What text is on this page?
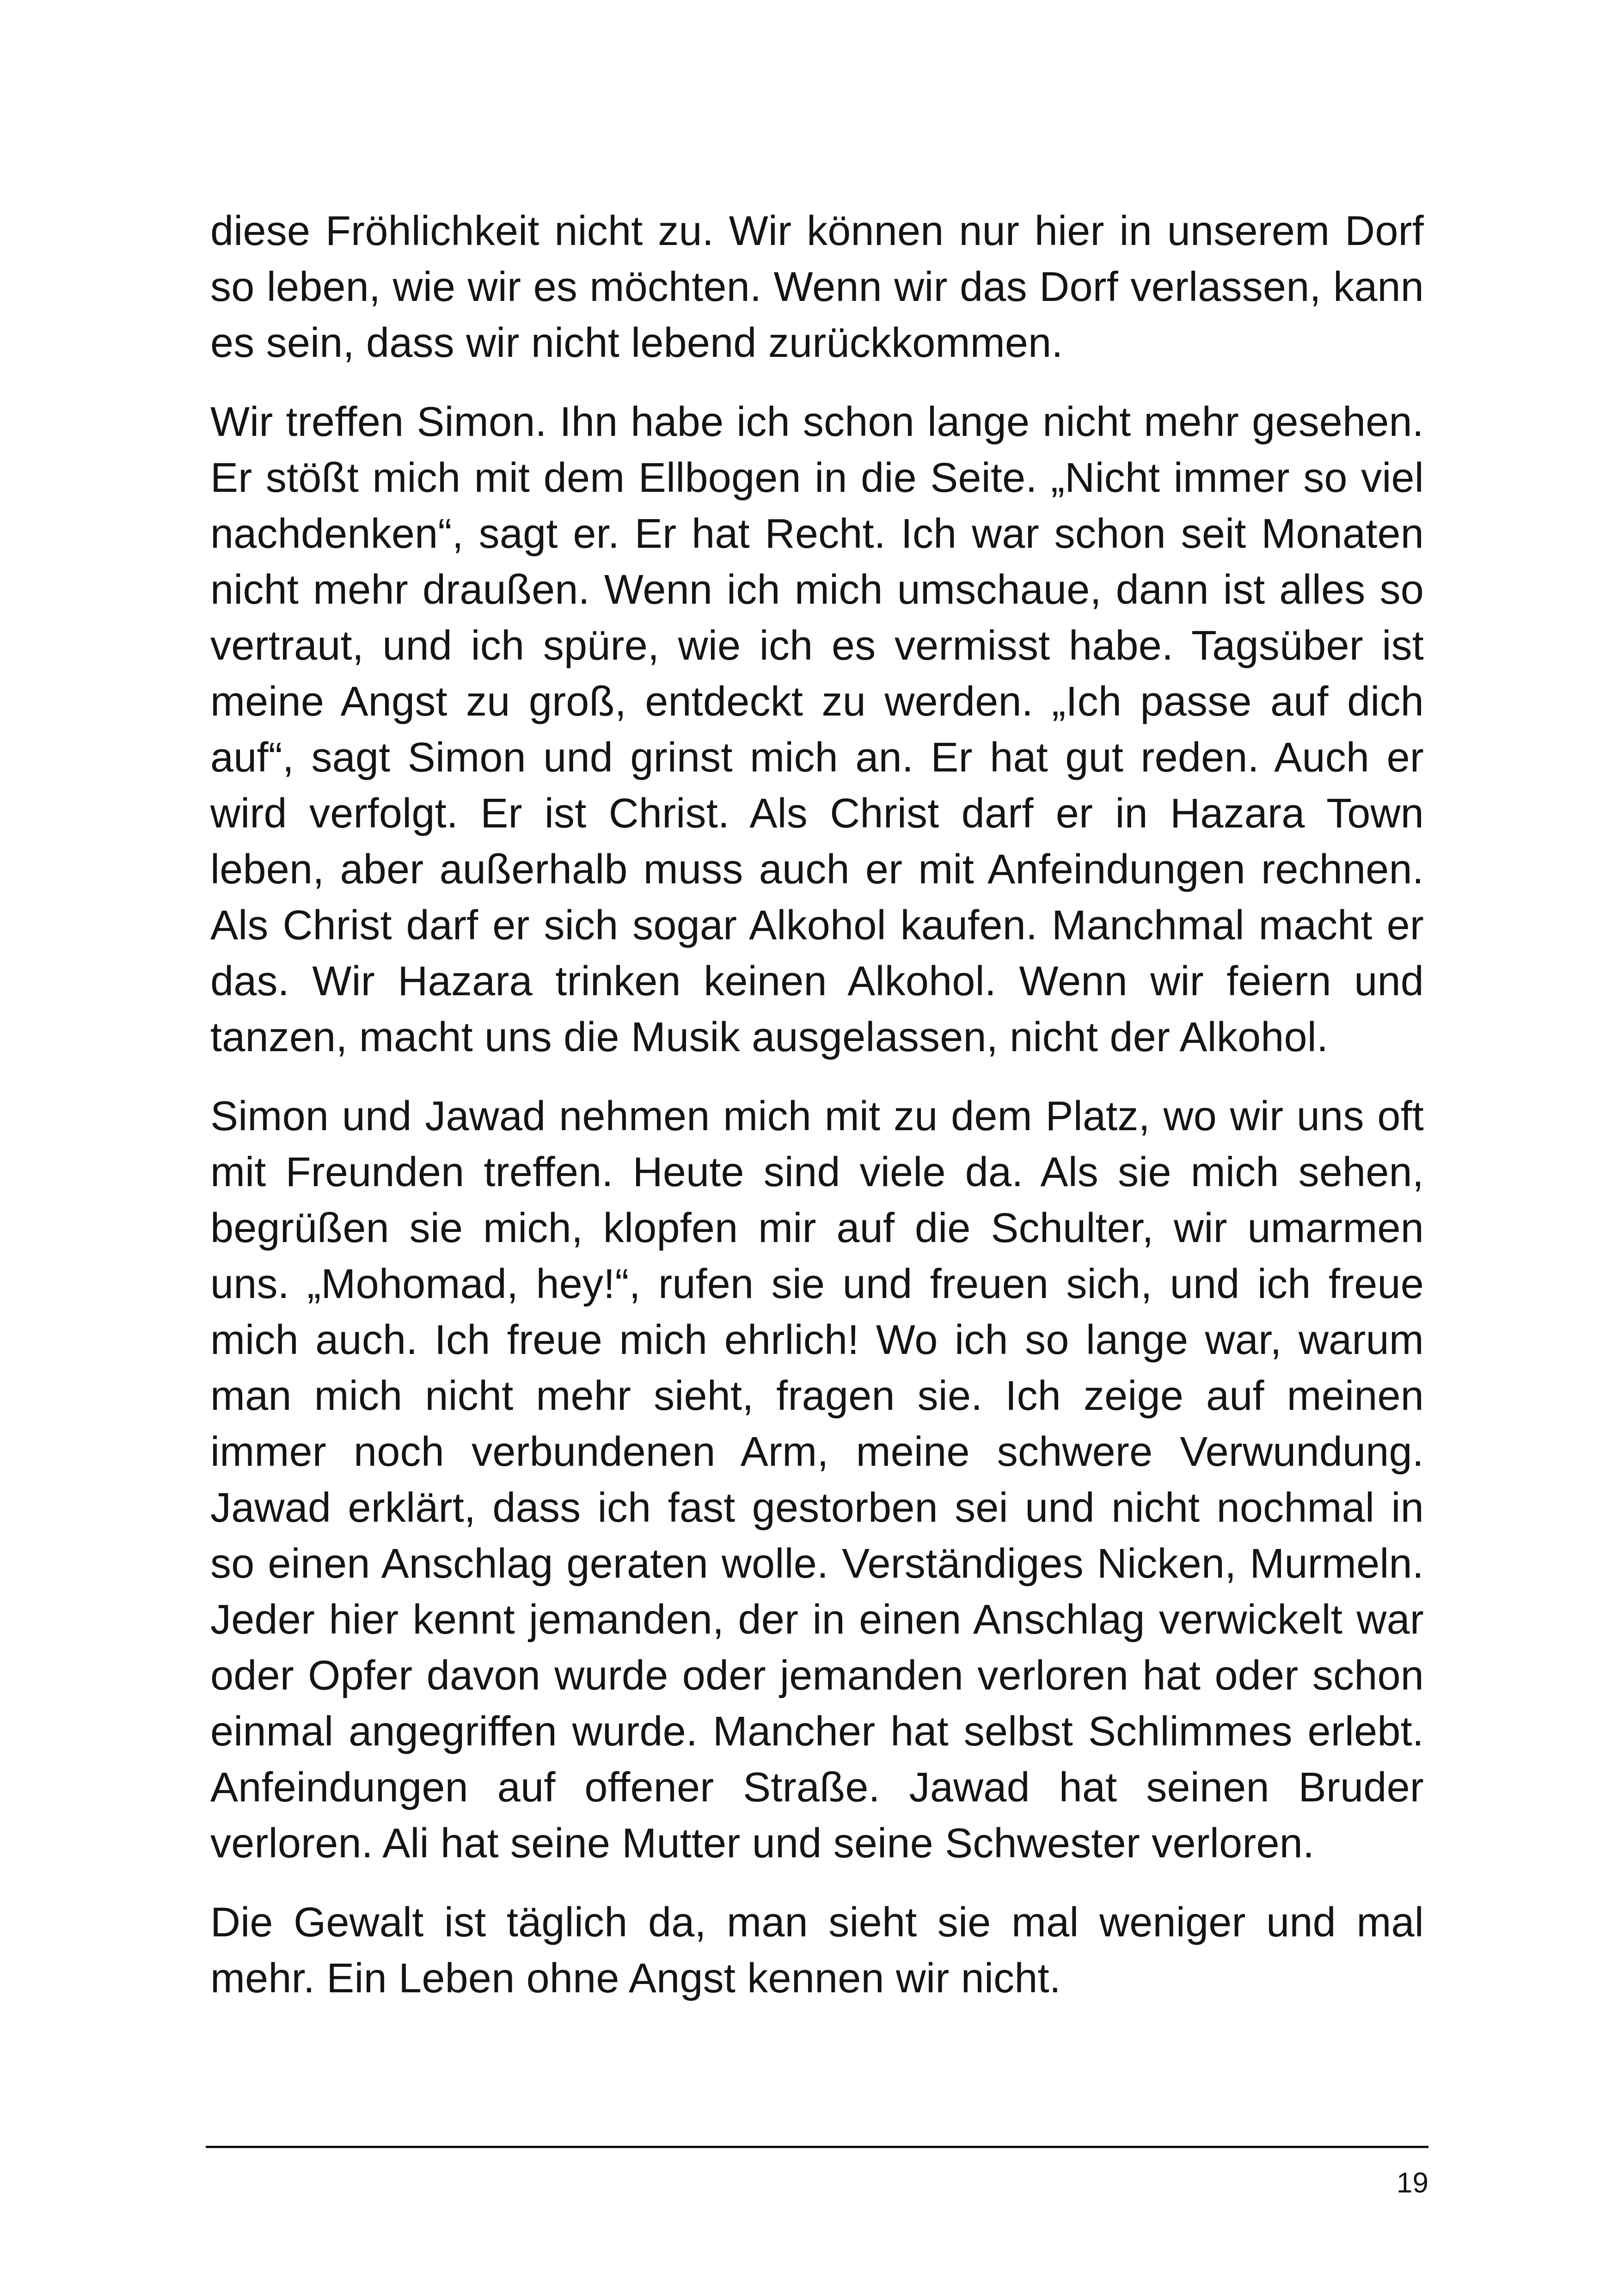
diese Fröhlichkeit nicht zu. Wir können nur hier in unserem Dorf so leben, wie wir es möchten. Wenn wir das Dorf verlassen, kann es sein, dass wir nicht lebend zurückkommen.

Wir treffen Simon. Ihn habe ich schon lange nicht mehr gesehen. Er stößt mich mit dem Ellbogen in die Seite. „Nicht immer so viel nachdenken“, sagt er. Er hat Recht. Ich war schon seit Monaten nicht mehr draußen. Wenn ich mich umschaue, dann ist alles so vertraut, und ich spüre, wie ich es vermisst habe. Tagsüber ist meine Angst zu groß, entdeckt zu werden. „Ich passe auf dich auf“, sagt Simon und grinst mich an. Er hat gut reden. Auch er wird verfolgt. Er ist Christ. Als Christ darf er in Hazara Town leben, aber außerhalb muss auch er mit Anfeindungen rechnen. Als Christ darf er sich sogar Alkohol kaufen. Manchmal macht er das. Wir Hazara trinken keinen Alkohol. Wenn wir feiern und tanzen, macht uns die Musik ausgelassen, nicht der Alkohol.

Simon und Jawad nehmen mich mit zu dem Platz, wo wir uns oft mit Freunden treffen. Heute sind viele da. Als sie mich sehen, begrüßen sie mich, klopfen mir auf die Schulter, wir umarmen uns. „Mohomad, hey!“, rufen sie und freuen sich, und ich freue mich auch. Ich freue mich ehrlich! Wo ich so lange war, warum man mich nicht mehr sieht, fragen sie. Ich zeige auf meinen immer noch verbundenen Arm, meine schwere Verwundung. Jawad erklärt, dass ich fast gestorben sei und nicht nochmal in so einen Anschlag geraten wolle. Verständiges Nicken, Murmeln. Jeder hier kennt jemanden, der in einen Anschlag verwickelt war oder Opfer davon wurde oder jemanden verloren hat oder schon einmal angegriffen wurde. Mancher hat selbst Schlimmes erlebt. Anfeindungen auf offener Straße. Jawad hat seinen Bruder verloren. Ali hat seine Mutter und seine Schwester verloren.

Die Gewalt ist täglich da, man sieht sie mal weniger und mal mehr. Ein Leben ohne Angst kennen wir nicht.

19
